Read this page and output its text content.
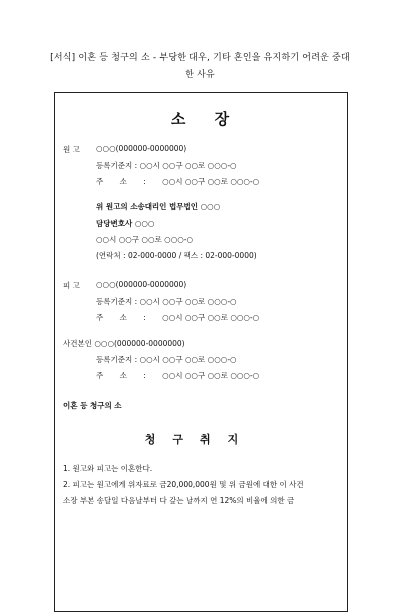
[서식] 이혼 등 청구의 소 - 부당한 대우, 기타 혼인을 유지하기 어려운 중대
한 사유
소 장
원 고 ○○○(000000-0000000)
등록기준지 : ○○시 ○○구 ○○로 ○○○-○
주 소 : ○○시 ○○구 ○○로 ○○○-○
위 원고의 소송대리인 법무법인 ○○○
담당변호사 ○○○
○○시 ○○구 ○○로 ○○○-○
(연락처 : 02-000-0000 / 팩스 : 02-000-0000)
피 고 ○○○(000000-0000000)
등록기준지 : ○○시 ○○구 ○○로 ○○○-○
주 소 : ○○시 ○○구 ○○로 ○○○-○
사건본인 ○○○(000000-0000000)
등록기준지 : ○○시 ○○구 ○○로 ○○○-○
주 소 : ○○시 ○○구 ○○로 ○○○-○
이혼 등 청구의 소
청구취지
1. 원고와 피고는 이혼한다.
2. 피고는 원고에게 위자료로 금20,000,000원 및 위 금원에 대한 이 사건
소장 부본 송달일 다음날부터 다 갚는 날까지 연 12%의 비율에 의한 금
